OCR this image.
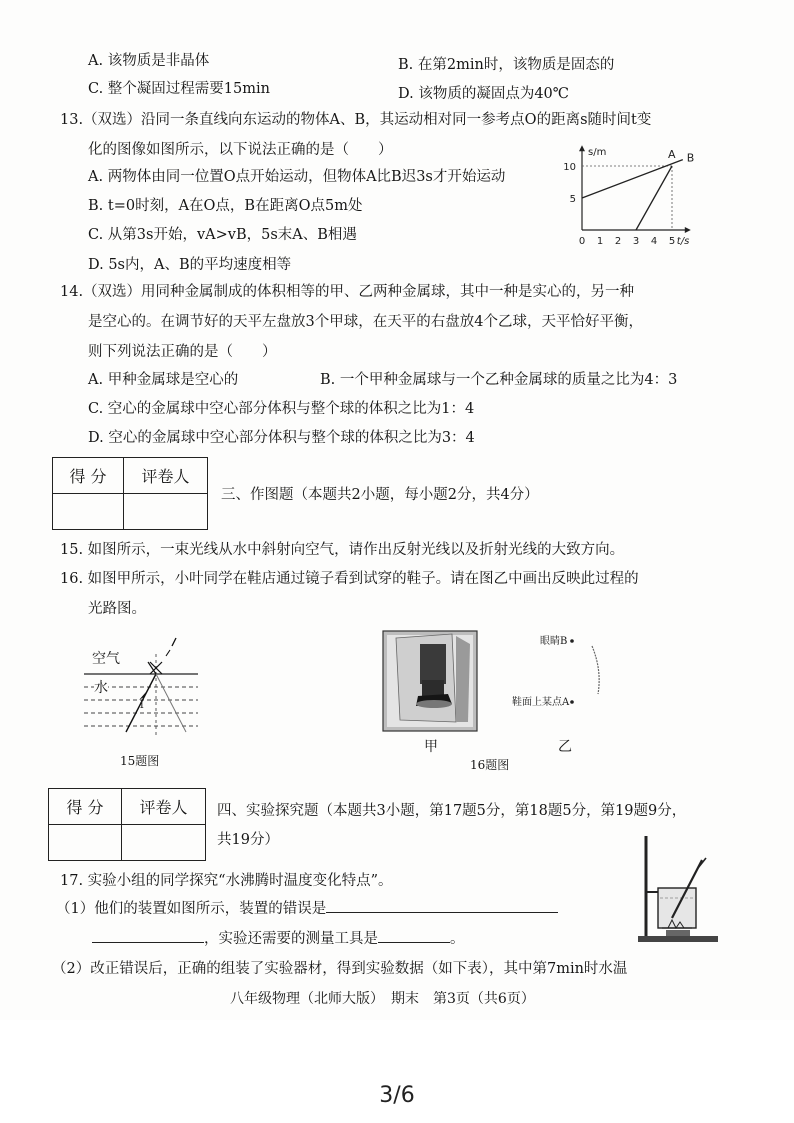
A. 该物质是非晶体	B. 在第2min时，该物质是固态的
C. 整个凝固过程需要15min	D. 该物质的凝固点为40℃
13.（双选）沿同一条直线向东运动的物体A、B，其运动相对同一参考点O的距离s随时间t变
化的图像如图所示，以下说法正确的是（　　）
A. 两物体由同一位置O点开始运动，但物体A比B迟3s才开始运动
B. t=0时刻，A在O点，B在距离O点5m处
C. 从第3s开始，vA>vB，5s末A、B相遇
D. 5s内，A、B的平均速度相等
0 1 2 3 4 5
5
10
A B
s/m
t/s
14.（双选）用同种金属制成的体积相等的甲、乙两种金属球，其中一种是实心的，另一种
是空心的。在调节好的天平左盘放3个甲球，在天平的右盘放4个乙球，天平恰好平衡，
则下列说法正确的是（　　）
A. 甲种金属球是空心的	B. 一个甲种金属球与一个乙种金属球的质量之比为4：3
C. 空心的金属球中空心部分体积与整个球的体积之比为1：4
D. 空心的金属球中空心部分体积与整个球的体积之比为3：4
得 分	评卷人

三、作图题（本题共2小题，每小题2分，共4分）
15. 如图所示，一束光线从水中斜射向空气，请作出反射光线以及折射光线的大致方向。
16. 如图甲所示，小叶同学在鞋店通过镜子看到试穿的鞋子。请在图乙中画出反映此过程的
光路图。
i
空气
水
15题图
甲
16题图
眼睛B
鞋面上某点A
乙
得 分	评卷人
	四、实验探究题（本题共3小题，第17题5分，第18题5分，第19题9分，
共19分）
17. 实验小组的同学探究“水沸腾时温度变化特点”。
（1）他们的装置如图所示，装置的错误是
，实验还需要的测量工具是	。
（2）改正错误后，正确的组装了实验器材，得到实验数据（如下表），其中第7min时水温
八年级物理（北师大版）　期末　第3页（共6页）
3/6
